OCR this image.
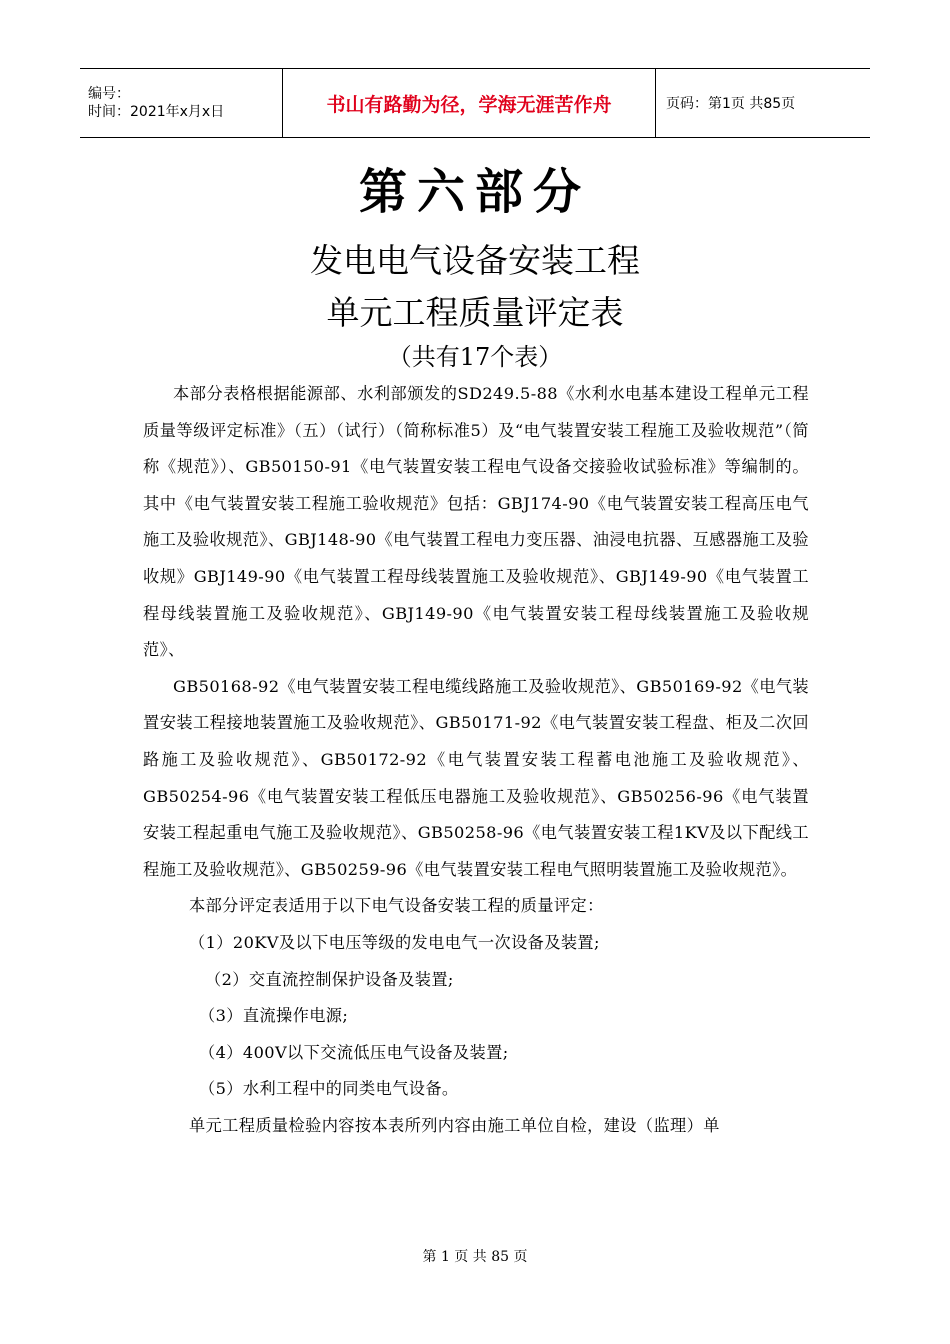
编号：
时间：2021年x月x日	书山有路勤为径，学海无涯苦作舟	页码：第1页 共85页
第六部分
发电电气设备安装工程
单元工程质量评定表
（共有17个表）

本部分表格根据能源部、水利部颁发的SD249.5-88《水利水电基本建设工程单元工程质量等级评定标准》（五）（试行）（简称标准5）及“电气装置安装工程施工及验收规范”（简称《规范》）、GB50150-91《电气装置安装工程电气设备交接验收试验标准》等编制的。其中《电气装置安装工程施工验收规范》包括：GBJ174-90《电气装置安装工程高压电气施工及验收规范》、GBJ148-90《电气装置工程电力变压器、油浸电抗器、互感器施工及验收规》GBJ149-90《电气装置工程母线装置施工及验收规范》、GBJ149-90《电气装置工程母线装置施工及验收规范》、GBJ149-90《电气装置安装工程母线装置施工及验收规范》、

GB50168-92《电气装置安装工程电缆线路施工及验收规范》、GB50169-92《电气装置安装工程接地装置施工及验收规范》、GB50171-92《电气装置安装工程盘、柜及二次回路施工及验收规范》、GB50172-92《电气装置安装工程蓄电池施工及验收规范》、GB50254-96《电气装置安装工程低压电器施工及验收规范》、GB50256-96《电气装置安装工程起重电气施工及验收规范》、GB50258-96《电气装置安装工程1KV及以下配线工程施工及验收规范》、GB50259-96《电气装置安装工程电气照明装置施工及验收规范》。

本部分评定表适用于以下电气设备安装工程的质量评定：

（1）20KV及以下电压等级的发电电气一次设备及装置;

（2）交直流控制保护设备及装置;

（3）直流操作电源;

（4）400V以下交流低压电气设备及装置;

（5）水利工程中的同类电气设备。

单元工程质量检验内容按本表所列内容由施工单位自检，建设（监理）单

第 1 页 共 85 页
